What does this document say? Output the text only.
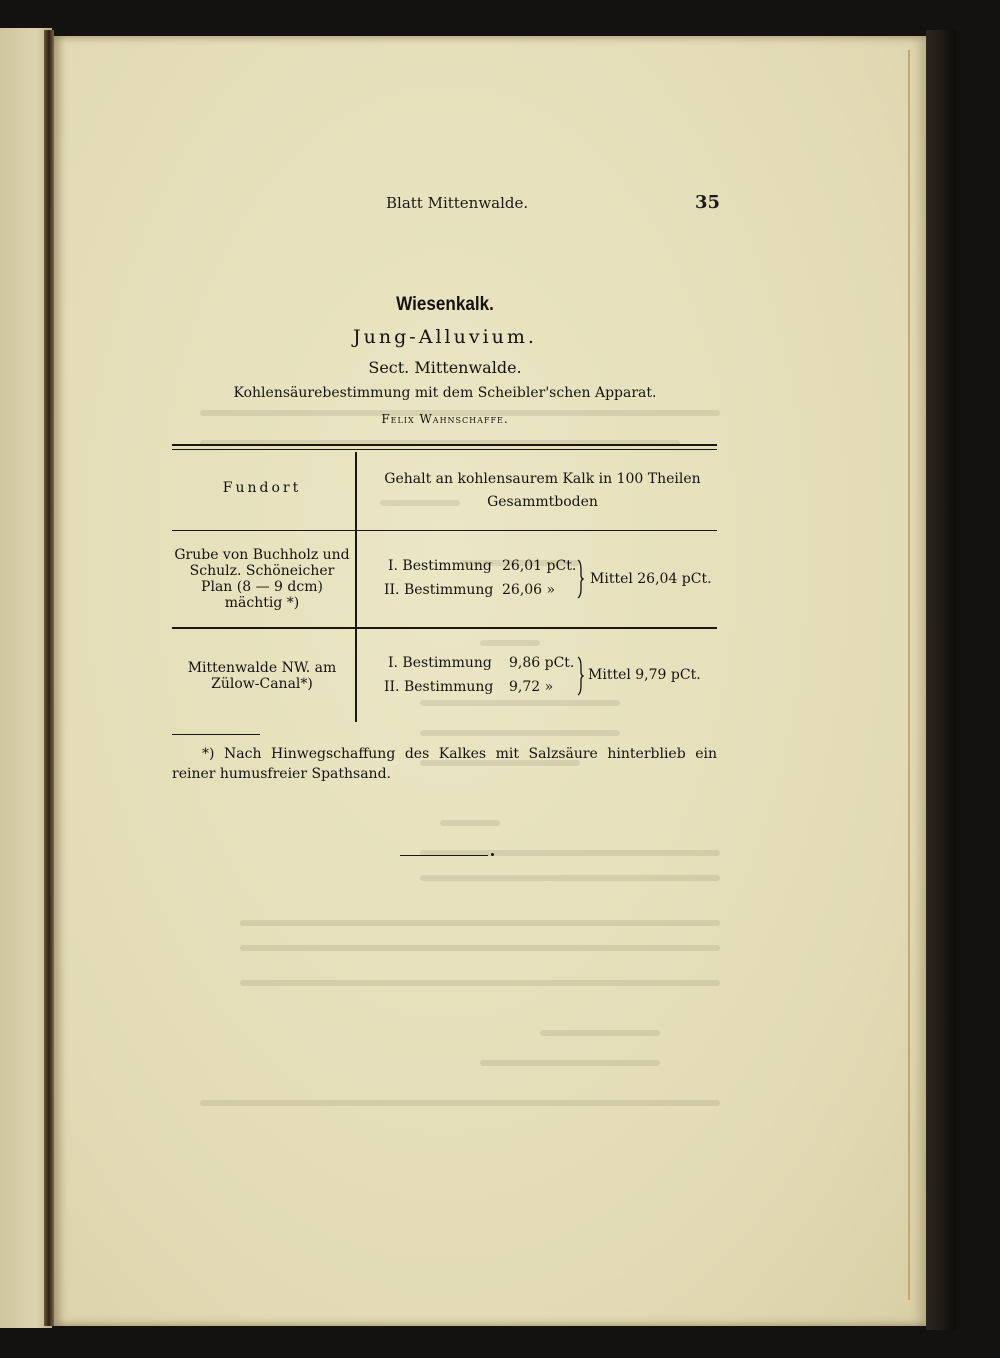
Blatt Mittenwalde.	35
Wiesenkalk.
Jung-Alluvium.
Sect. Mittenwalde.
Kohlensäurebestimmung mit dem Scheibler'schen Apparat.
Felix Wahnschaffe.
Fundort
Gehalt an kohlensaurem Kalk in 100 Theilen Gesammtboden
Grube von Buchholz und Schulz. Schöneicher Plan (8 — 9 dcm) mächtig *)
I. Bestimmung 26,01 pCt.
II. Bestimmung 26,06 »
Mittel 26,04 pCt.
Mittenwalde NW. am Zülow-Canal*)
I. Bestimmung 9,86 pCt.
II. Bestimmung 9,72 »
Mittel 9,79 pCt.
*) Nach Hinwegschaffung des Kalkes mit Salzsäure hinterblieb ein reiner humusfreier Spathsand.
